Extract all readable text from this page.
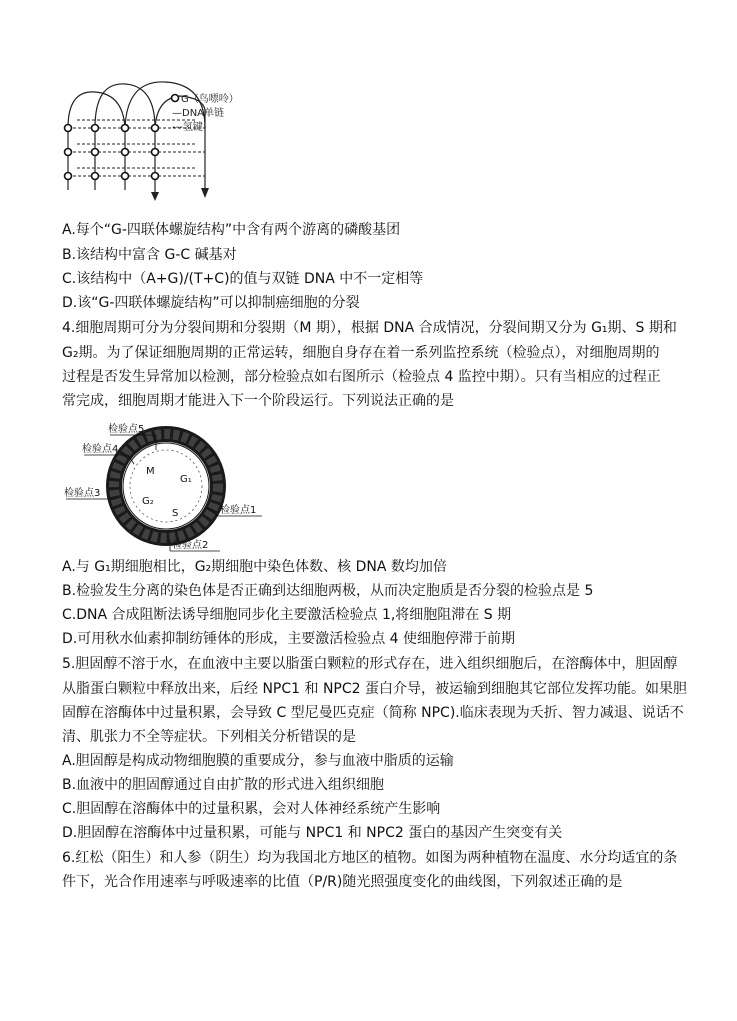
G（鸟嘌呤）
—DNA单链
---氢键
A.每个“G-四联体螺旋结构”中含有两个游离的磷酸基团
B.该结构中富含 G-C 碱基对
C.该结构中（A+G)/(T+C)的值与双链 DNA 中不一定相等
D.该“G-四联体螺旋结构”可以抑制癌细胞的分裂
4.细胞周期可分为分裂间期和分裂期（M 期），根据 DNA 合成情况，分裂间期又分为 G₁期、S 期和
G₂期。为了保证细胞周期的正常运转，细胞自身存在着一系列监控系统（检验点），对细胞周期的
过程是否发生异常加以检测，部分检验点如右图所示（检验点 4 监控中期）。只有当相应的过程正
常完成，细胞周期才能进入下一个阶段运行。下列说法正确的是
M
G₁
G₂
S
检验点5
检验点4
检验点3
检验点1
检验点2
A.与 G₁期细胞相比，G₂期细胞中染色体数、核 DNA 数均加倍
B.检验发生分离的染色体是否正确到达细胞两极，从而决定胞质是否分裂的检验点是 5
C.DNA 合成阻断法诱导细胞同步化主要激活检验点 1,将细胞阻滞在 S 期
D.可用秋水仙素抑制纺锤体的形成，主要激活检验点 4 使细胞停滞于前期
5.胆固醇不溶于水，在血液中主要以脂蛋白颗粒的形式存在，进入组织细胞后，在溶酶体中，胆固醇
从脂蛋白颗粒中释放出来，后经 NPC1 和 NPC2 蛋白介导，被运输到细胞其它部位发挥功能。如果胆
固醇在溶酶体中过量积累，会导致 C 型尼曼匹克症（简称 NPC).临床表现为夭折、智力减退、说话不
清、肌张力不全等症状。下列相关分析错误的是
A.胆固醇是构成动物细胞膜的重要成分，参与血液中脂质的运输
B.血液中的胆固醇通过自由扩散的形式进入组织细胞
C.胆固醇在溶酶体中的过量积累，会对人体神经系统产生影响
D.胆固醇在溶酶体中过量积累，可能与 NPC1 和 NPC2 蛋白的基因产生突变有关
6.红松（阳生）和人参（阴生）均为我国北方地区的植物。如图为两种植物在温度、水分均适宜的条
件下，光合作用速率与呼吸速率的比值（P/R)随光照强度变化的曲线图，下列叙述正确的是
